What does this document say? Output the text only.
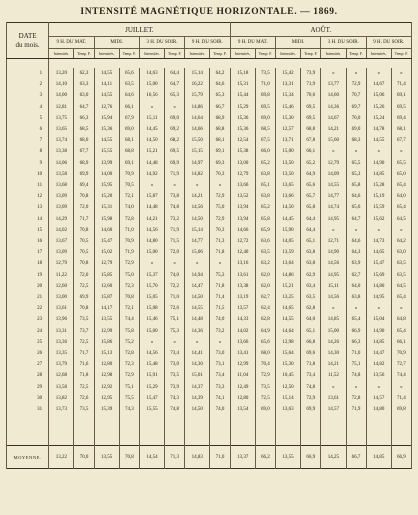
INTENSITÉ MAGNÉTIQUE HORIZONTALE. — 1869.
DATE
du mois.	JUILLET.								AOÛT.							
	9 H. DU MAT.		MIDI.		3 H. DU SOIR.		9 H. DU SOIR.		9 H. DU MAT.		MIDI.		3 H. DU SOIR.		9 H. DU SOIR.	
	Intensités.	Temp. F.	Intensités.	Temp. F.	Intensités.	Temp. F.	Intensités.	Temp. F.	Intensités.	Temp. F.	Intensités.	Temp. F.	Intensités.	Temp. F.	Intensités.	Temp. F.

1	13,20	62,3	14,55	65,6	14,63	64,4	15,14	64,2	15,18	73,5	15,42	73,9	»	»	»	»
2	14,10	63,3	14,11	63,5	15,00	64,7	16,22	64,6	15,31	71,0	13,31	71,9	13,77	72,9	14,67	71,4
3	14,00	63,0	14,55	64,6	16,56	65,3	15,79	65,3	15,44	69,8	15,34	70,6	14,60	70,7	15,06	69,1
4	12,81	64,7	12,76	66,1	»	»	14,86	66,7	15,29	69,5	15,46	69,5	14,36	69,7	15,26	69,5
5	13,75	66,3	15,94	67,9	15,11	69,0	14,64	68,9	15,36	69,0	15,30	69,5	14,67	70,0	15,24	69,4
6	13,65	68,5	15,36	69,0	14,45	69,2	14,66	68,8	15,36	68,5	12,57	68,8	14,21	69,0	14,78	68,1
7	13,74	68,0	14,55	68,1	14,50	68,2	15,50	68,1	12,54	67,5	13,71	67,8	15,60	68,3	14,55	67,7
8	13,38	67,7	15,55	68,8	15,21	69,5	15,15	69,1	15,38	66,0	15,00	66,1	»	»	»	»
9	14,06	68,9	13,99	69,1	14,48	69,9	14,97	69,3	13,00	65,2	13,50	65,2	12,79	65,5	14,90	65,5
10	13,58	69,9	14,00	70,9	14,92	71,9	14,82	70,3	12,79	63,8	13,50	64,9	14,09	65,3	14,85	65,0
11	13,68	69,4	15,95	70,5	»	»	»	»	13,66	65,1	13,65	65,6	14,55	65,8	15,28	65,4
12	13,09	70,8	15,20	72,1	15,87	73,8	14,21	72,9	13,52	63,8	13,66	65,7	14,77	64,6	15,19	64,0
13	13,09	72,0	15,31	74,0	14,48	74,8	14,56	75,0	13,94	65,2	14,50	65,8	14,74	65,6	15,59	65,4
14	14,29	71,7	15,98	72,8	14,21	73,2	14,50	72,9	13,94	65,8	14,45	64,4	14,95	64,7	15,62	64,5
15	14,02	70,8	14,60	71,0	14,56	71,9	15,14	70,3	14,66	65,9	15,90	64,4	»	»	»	»
16	13,67	70,5	15,47	70,9	14,80	71,5	14,77	71,3	12,72	63,6	14,05	65,1	12,71	64,6	14,73	64,2
17	13,09	70,5	15,02	71,9	15,00	72,0	15,06	71,8	12,40	63,5	13,59	63,8	14,90	64,3	14,65	63,0
18	12,79	70,8	12,79	72,9	»	»	»	»	13,16	63,2	13,64	63,8	14,56	63,9	15,47	63,5
19	11,22	72,0	15,85	75,0	15,37	74,0	14,94	75,3	13,61	62,0	14,86	62,9	14,95	62,7	15,69	63,5
20	12,60	72,5	12,60	72,3	15,70	72,2	14,47	71,8	13,38	62,0	15,21	63,4	15,11	64,0	14,80	64,5
21	13,00	69,9	15,87	70,8	15,05	71,0	14,50	71,4	13,19	62,7	13,25	63,5	14,56	63,8	14,95	65,4
22	13,61	70,8	14,17	72,1	15,08	72,6	14,55	71,5	13,57	62,4	14,65	62,8	»	»	»	»
23	13,96	73,5	13,55	74,4	15,46	75,1	14,48	74,0	14,33	62,8	14,55	64,0	14,85	65,4	15,04	64,8
24	13,31	73,7	12,99	75,8	15,00	75,3	14,36	73,2	14,02	64,9	14,64	65,1	15,00	66,9	14,90	65,4
25	13,36	72,5	15,86	75,2	»	»	»	»	13,66	65,6	12,98	66,8	14,26	66,3	14,85	66,1
26	13,35	71,7	15,13	72,8	14,56	73,4	14,41	73,0	13,41	68,0	15,64	69,6	14,30	71,0	14,47	70,9
27	13,79	71,6	12,80	72,3	15,48	73,0	14,30	73,1	12,99	70,4	15,30	71,8	14,21	75,1	14,82	72,7
28	12,68	71,8	12,98	72,9	15,91	73,5	15,01	73,4	11,04	72,9	10,45	73,4	11,52	74,8	13,56	74,4
29	13,58	72,5	12,92	75,1	15,29	73,9	14,37	73,3	12,49	73,5	12,50	74,8	»	»	»	»
30	13,82	72,6	12,95	75,5	15,47	74,3	14,39	74,1	12,80	72,5	15,14	72,9	13,61	72,8	14,57	71,4
31	13,73	73,5	15,39	74,3	15,55	74,8	14,50	74,0	13,54	69,0	13,63	69,9	14,57	71,9	14,80	69,8

MOYENNE.	13,22	70,0	13,55	70,8	14,54	71,3	14,83	71,0	13,37	66,2	13,55	66,9	14,25	66,7	14,85	66,9
